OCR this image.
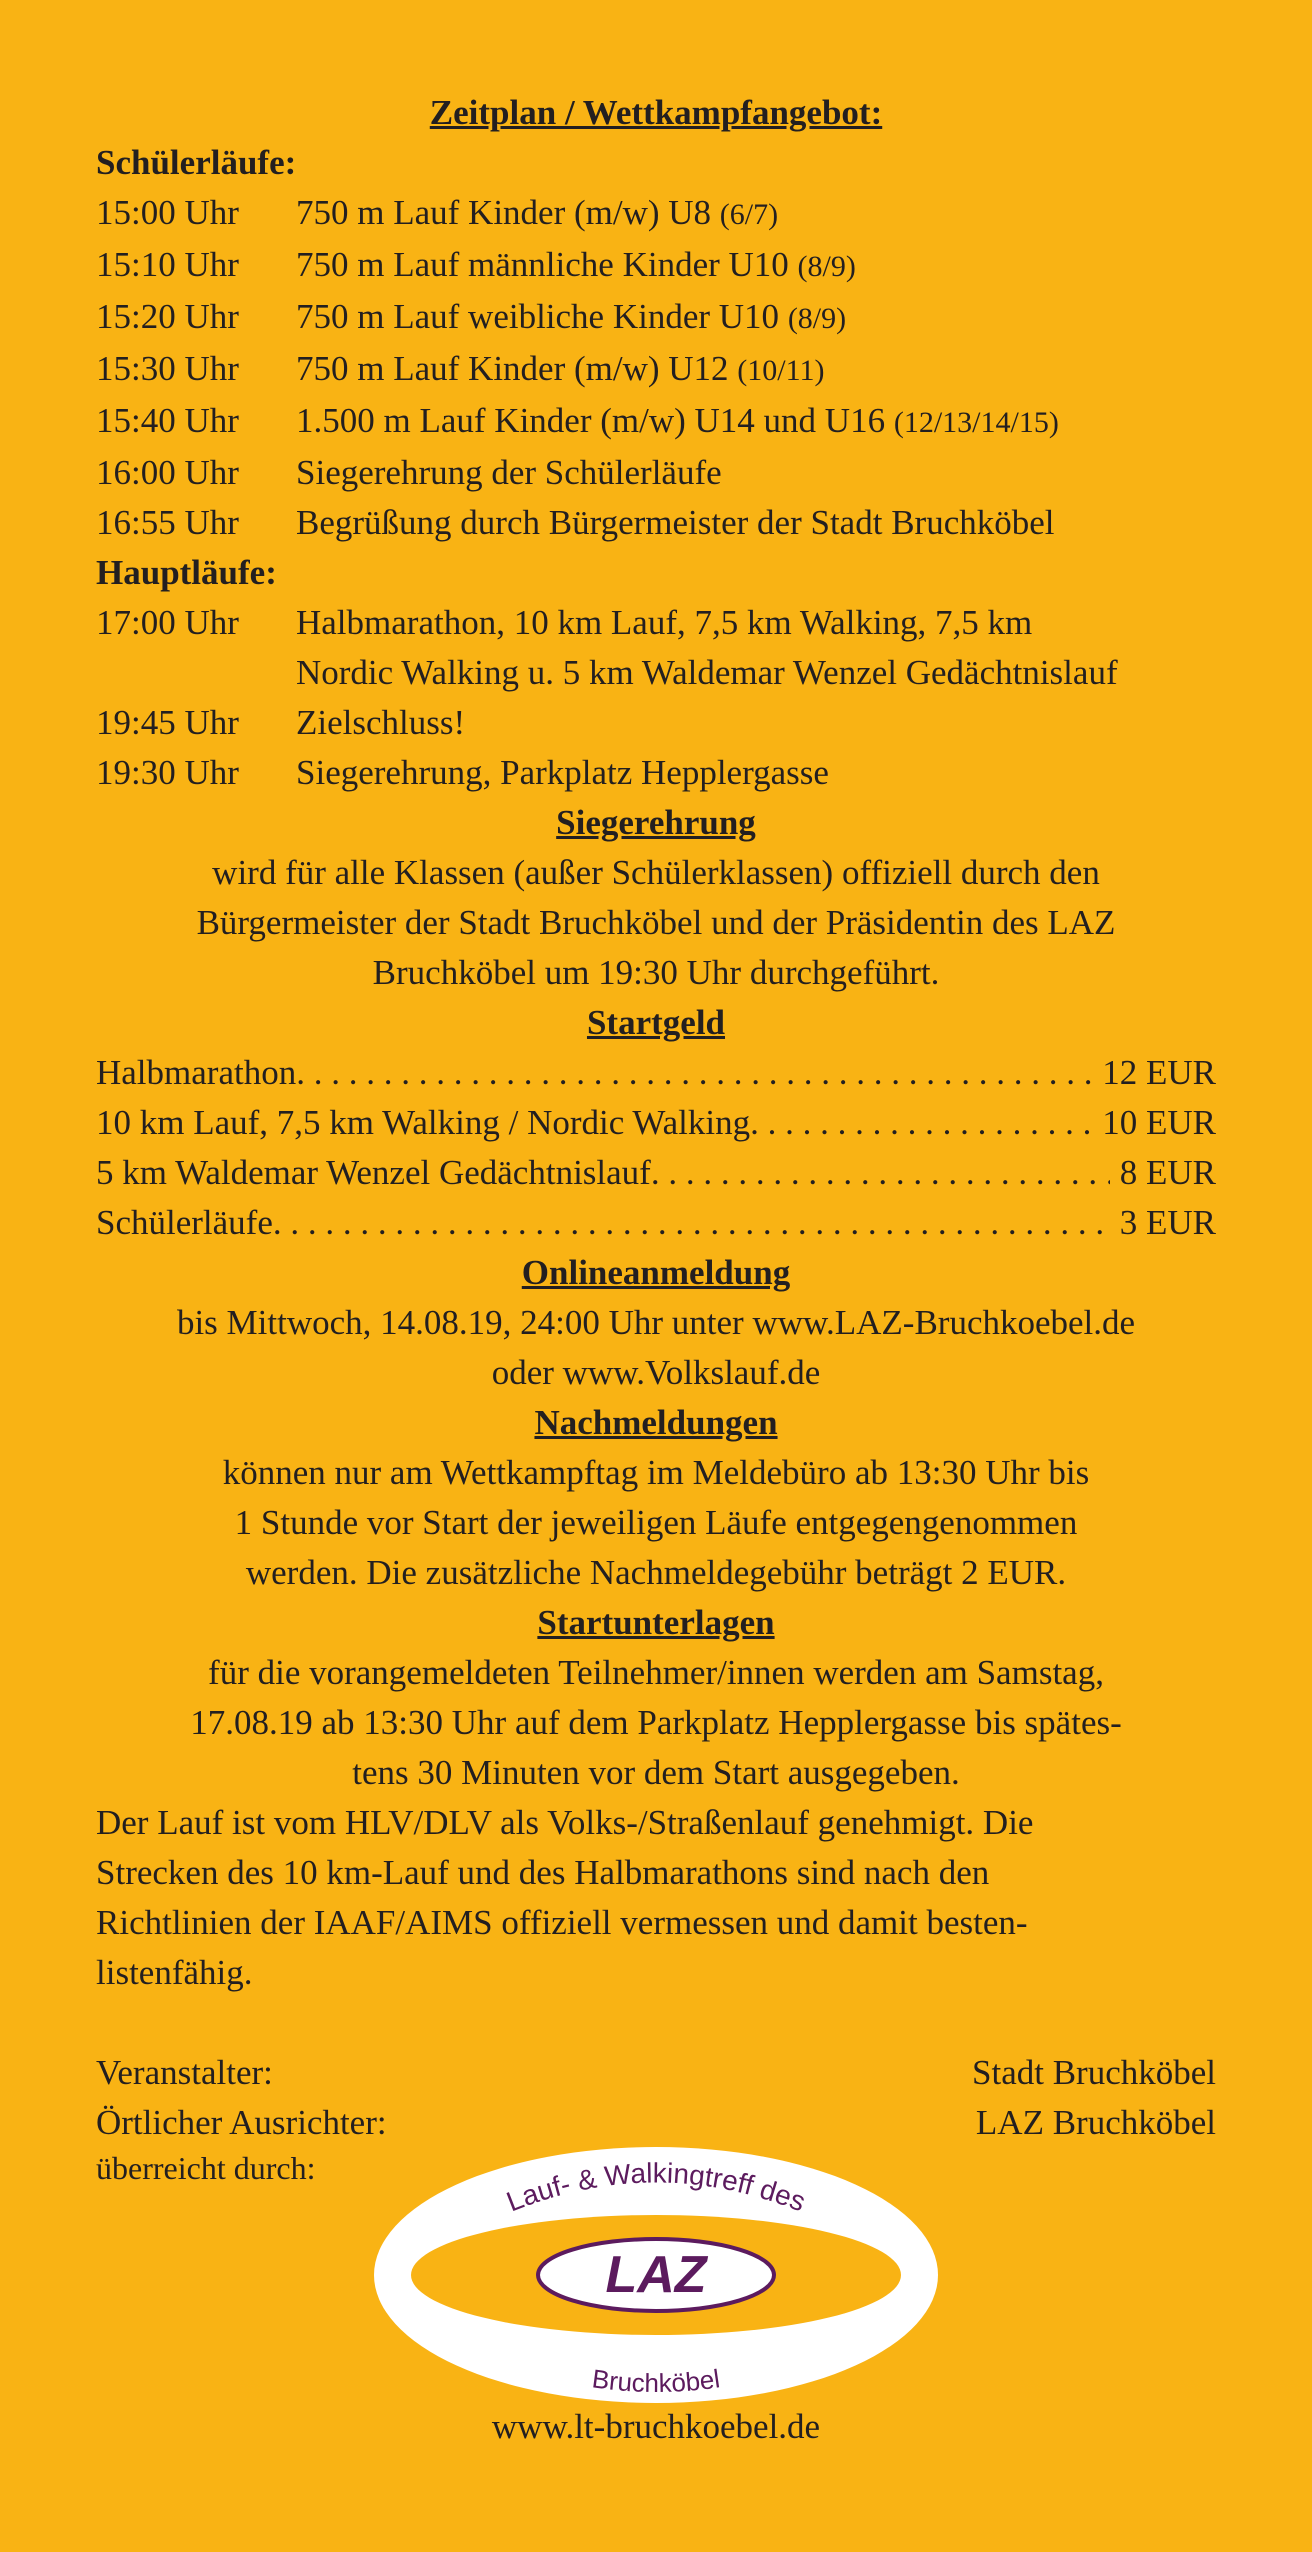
Zeitplan / Wettkampfangebot:
Schülerläufe:
15:00 Uhr	750 m Lauf Kinder (m/w) U8 (6/7)
15:10 Uhr	750 m Lauf männliche Kinder U10 (8/9)
15:20 Uhr	750 m Lauf weibliche Kinder U10 (8/9)
15:30 Uhr	750 m Lauf Kinder (m/w) U12 (10/11)
15:40 Uhr	1.500 m Lauf Kinder (m/w) U14 und U16 (12/13/14/15)
16:00 Uhr	Siegerehrung der Schülerläufe
16:55 Uhr	Begrüßung durch Bürgermeister der Stadt Bruchköbel
Hauptläufe:
17:00 Uhr	Halbmarathon, 10 km Lauf, 7,5 km Walking, 7,5 km
Nordic Walking u. 5 km Waldemar Wenzel Gedächtnislauf
19:45 Uhr	Zielschluss!
19:30 Uhr	Siegerehrung, Parkplatz Hepplergasse
Siegerehrung
wird für alle Klassen (außer Schülerklassen) offiziell durch den
Bürgermeister der Stadt Bruchköbel und der Präsidentin des LAZ
Bruchköbel um 19:30 Uhr durchgeführt.
Startgeld
Halbmarathon . . .	12 EUR
10 km Lauf, 7,5 km Walking / Nordic Walking . . .	10 EUR
5 km Waldemar Wenzel Gedächtnislauf . . .	8 EUR
Schülerläufe . . .	3 EUR
Onlineanmeldung
bis Mittwoch, 14.08.19, 24:00 Uhr unter www.LAZ-Bruchkoebel.de
oder www.Volkslauf.de
Nachmeldungen
können nur am Wettkampftag im Meldebüro ab 13:30 Uhr bis
1 Stunde vor Start der jeweiligen Läufe entgegengenommen
werden. Die zusätzliche Nachmeldegebühr beträgt 2 EUR.
Startunterlagen
für die vorangemeldeten Teilnehmer/innen werden am Samstag,
17.08.19 ab 13:30 Uhr auf dem Parkplatz Hepplergasse bis spätes-
tens 30 Minuten vor dem Start ausgegeben.
Der Lauf ist vom HLV/DLV als Volks-/Straßenlauf genehmigt. Die
Strecken des 10 km-Lauf und des Halbmarathons sind nach den
Richtlinien der IAAF/AIMS offiziell vermessen und damit besten-
listenfähig.
Veranstalter:	Stadt Bruchköbel
Örtlicher Ausrichter:	LAZ Bruchköbel
überreicht durch:
Lauf- & Walkingtreff des
LAZ
Bruchköbel
www.lt-bruchkoebel.de
